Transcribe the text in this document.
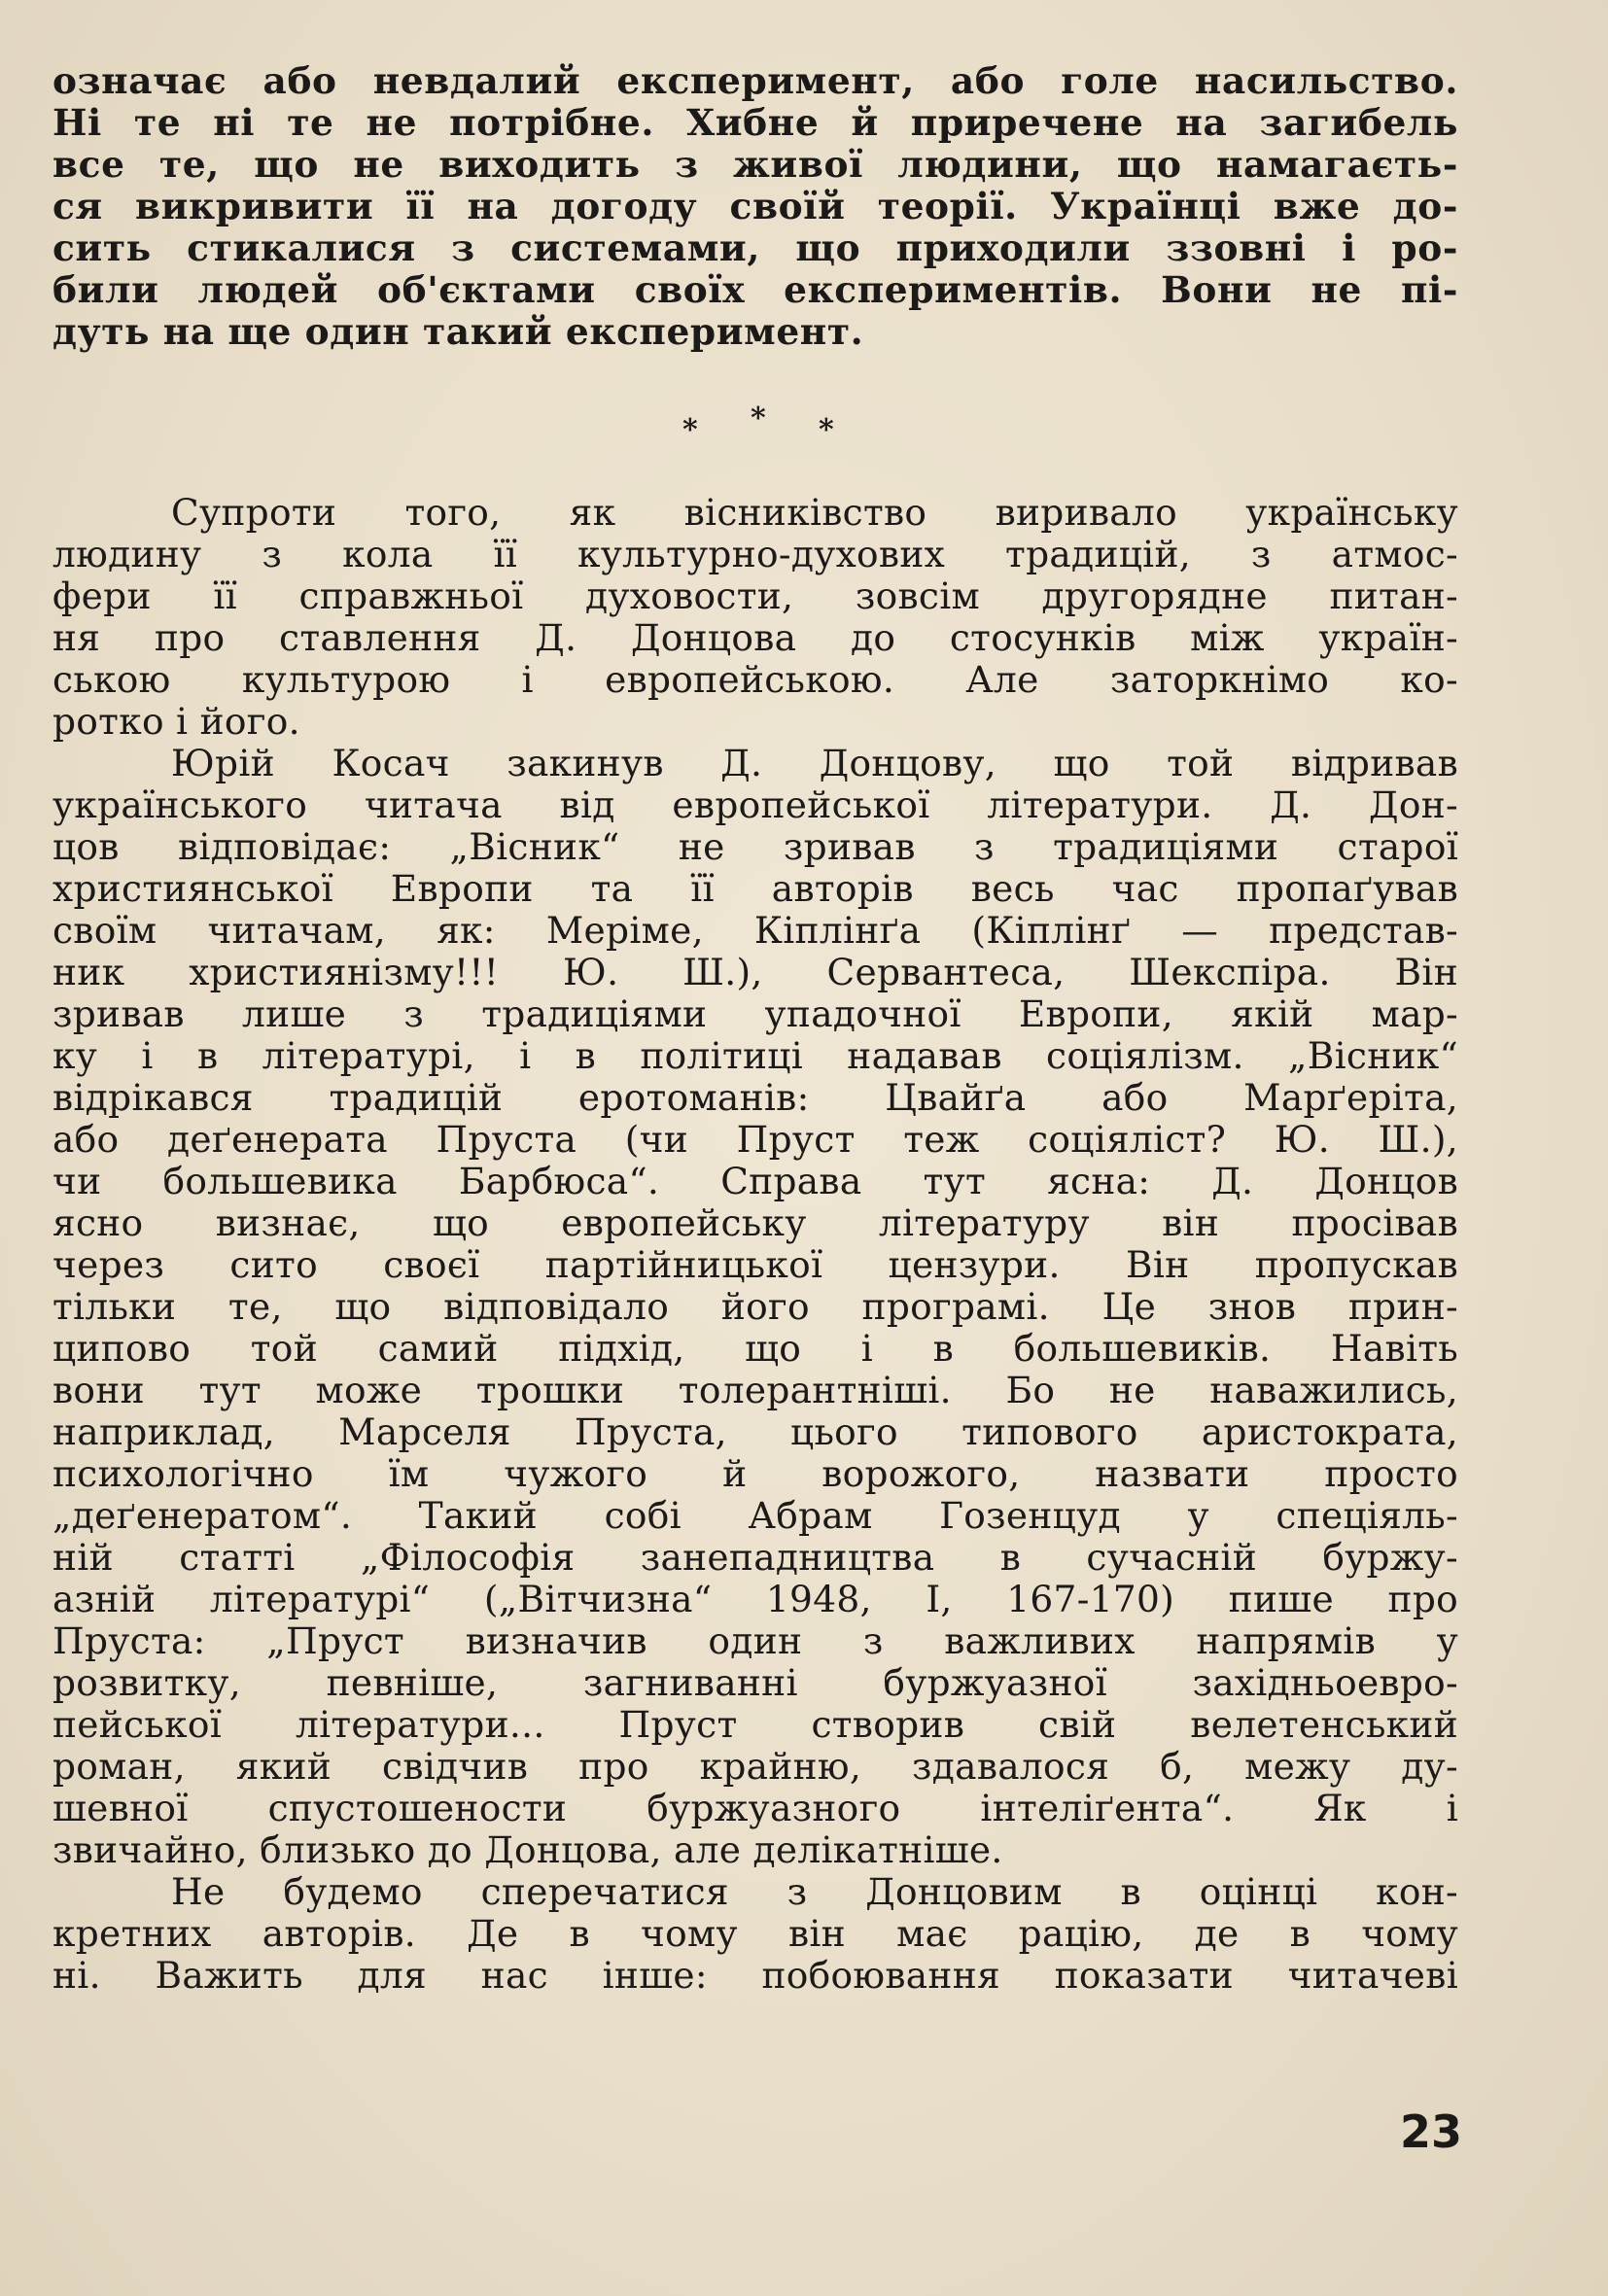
означає або невдалий експеримент, або голе насильство.
Ні те ні те не потрібне. Хибне й приречене на загибель
все те, що не виходить з живої людини, що намагаєть-
ся викривити її на догоду своїй теорії. Українці вже до-
сить стикалися з системами, що приходили ззовні і ро-
били людей об'єктами своїх експериментів. Вони не пі-
дуть на ще один такий експеримент.
* * *
Супроти того, як вісниківство виривало українську
людину з кола її культурно-духових традицій, з атмос-
фери її справжньої духовости, зовсім другорядне питан-
ня про ставлення Д. Донцова до стосунків між україн-
ською культурою і европейською. Але заторкнімо ко-
ротко і його.
Юрій Косач закинув Д. Донцову, що той відривав
українського читача від европейської літератури. Д. Дон-
цов відповідає: „Вісник“ не зривав з традиціями старої
християнської Европи та її авторів весь час пропаґував
своїм читачам, як: Меріме, Кіплінґа (Кіплінґ — представ-
ник християнізму!!! Ю. Ш.), Сервантеса, Шекспіра. Він
зривав лише з традиціями упадочної Европи, якій мар-
ку і в літературі, і в політиці надавав соціялізм. „Вісник“
відрікався традицій еротоманів: Цвайґа або Марґеріта,
або деґенерата Пруста (чи Пруст теж соціяліст? Ю. Ш.),
чи большевика Барбюса“. Справа тут ясна: Д. Донцов
ясно визнає, що европейську літературу він просівав
через сито своєї партійницької цензури. Він пропускав
тільки те, що відповідало його програмі. Це знов прин-
ципово той самий підхід, що і в большевиків. Навіть
вони тут може трошки толерантніші. Бо не наважились,
наприклад, Марселя Пруста, цього типового аристократа,
психологічно їм чужого й ворожого, назвати просто
„деґенератом“. Такий собі Абрам Гозенцуд у спеціяль-
ній статті „Філософія занепадництва в сучасній буржу-
азній літературі“ („Вітчизна“ 1948, I, 167-170) пише про
Пруста: „Пруст визначив один з важливих напрямів у
розвитку, певніше, загниванні буржуазної західньоевро-
пейської літератури... Пруст створив свій велетенський
роман, який свідчив про крайню, здавалося б, межу ду-
шевної спустошености буржуазного інтеліґента“. Як і
звичайно, близько до Донцова, але делікатніше.
Не будемо сперечатися з Донцовим в оцінці кон-
кретних авторів. Де в чому він має рацію, де в чому
ні. Важить для нас інше: побоювання показати читачеві
23
